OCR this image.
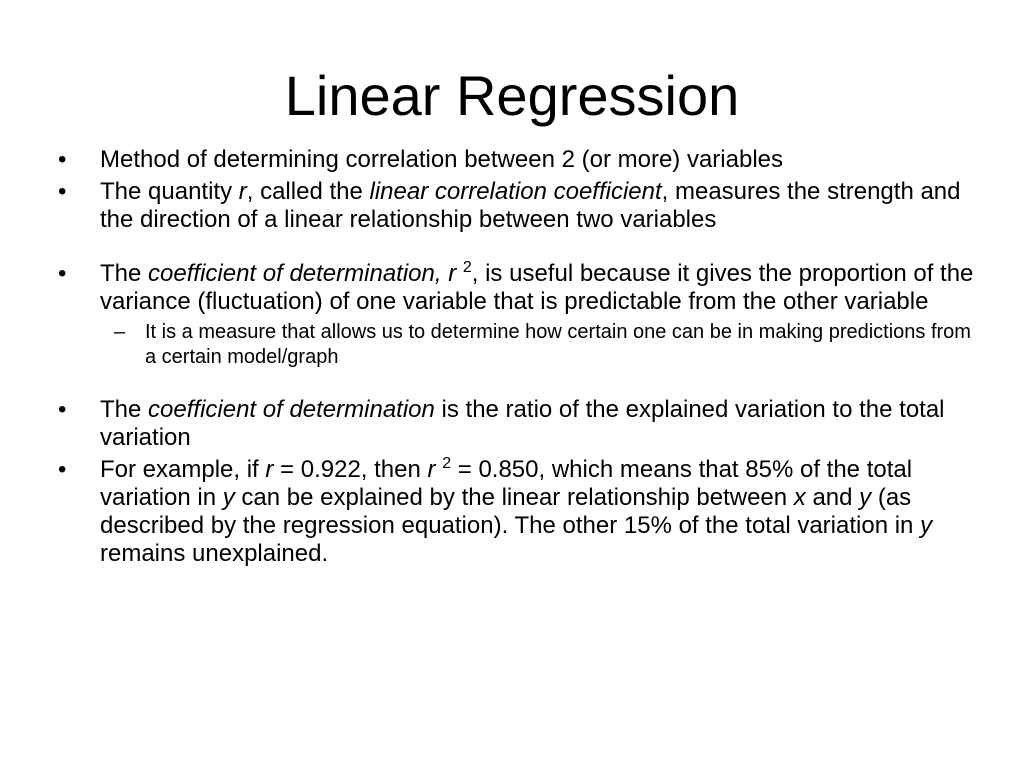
Linear Regression
• Method of determining correlation between 2 (or more) variables
• The quantity r, called the linear correlation coefficient, measures the strength and the direction of a linear relationship between two variables
• The coefficient of determination, r $^2$, is useful because it gives the proportion of the variance (fluctuation) of one variable that is predictable from the other variable
– It is a measure that allows us to determine how certain one can be in making predictions from a certain model/graph
• The coefficient of determination is the ratio of the explained variation to the total variation
• For example, if r = 0.922, then r $^2$ = 0.850, which means that 85% of the total variation in y can be explained by the linear relationship between x and y (as described by the regression equation). The other 15% of the total variation in y remains unexplained.
